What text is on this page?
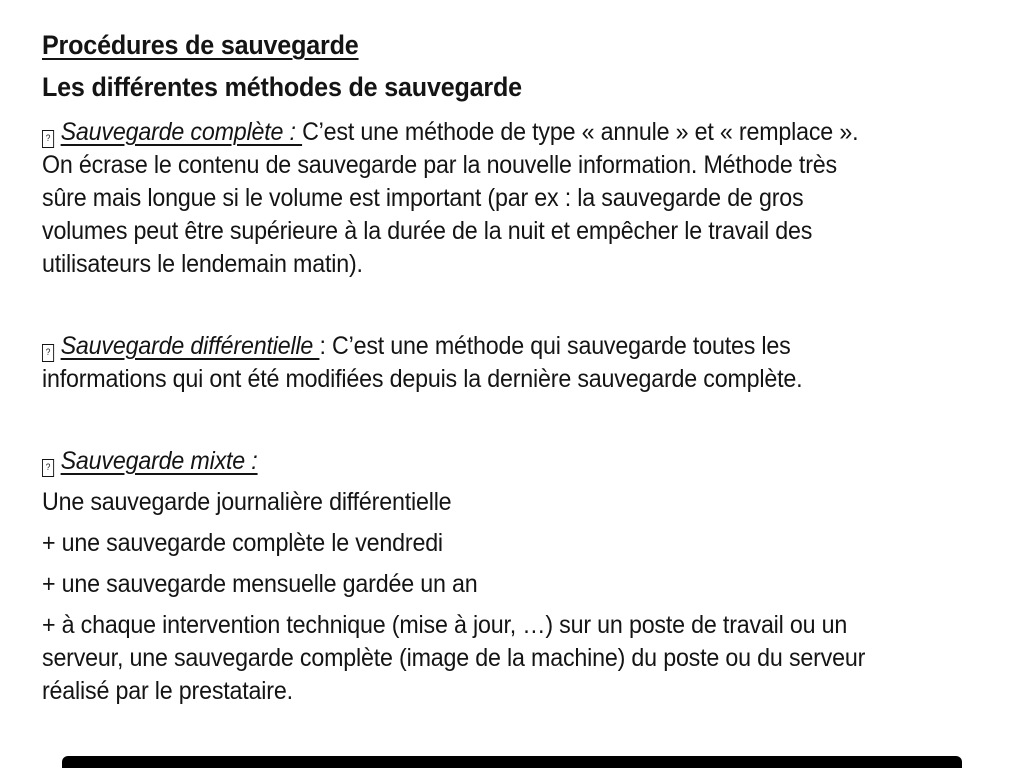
Procédures de sauvegarde
Les différentes méthodes de sauvegarde
? Sauvegarde complète : C’est une méthode de type « annule » et « remplace ».
On écrase le contenu de sauvegarde par la nouvelle information. Méthode très
sûre mais longue si le volume est important (par ex : la sauvegarde de gros
volumes peut être supérieure à la durée de la nuit et empêcher le travail des
utilisateurs le lendemain matin).
? Sauvegarde différentielle : C’est une méthode qui sauvegarde toutes les
informations qui ont été modifiées depuis la dernière sauvegarde complète.
? Sauvegarde mixte :
Une sauvegarde journalière différentielle
+ une sauvegarde complète le vendredi
+ une sauvegarde mensuelle gardée un an
+ à chaque intervention technique (mise à jour, …) sur un poste de travail ou un
serveur, une sauvegarde complète (image de la machine) du poste ou du serveur
réalisé par le prestataire.
